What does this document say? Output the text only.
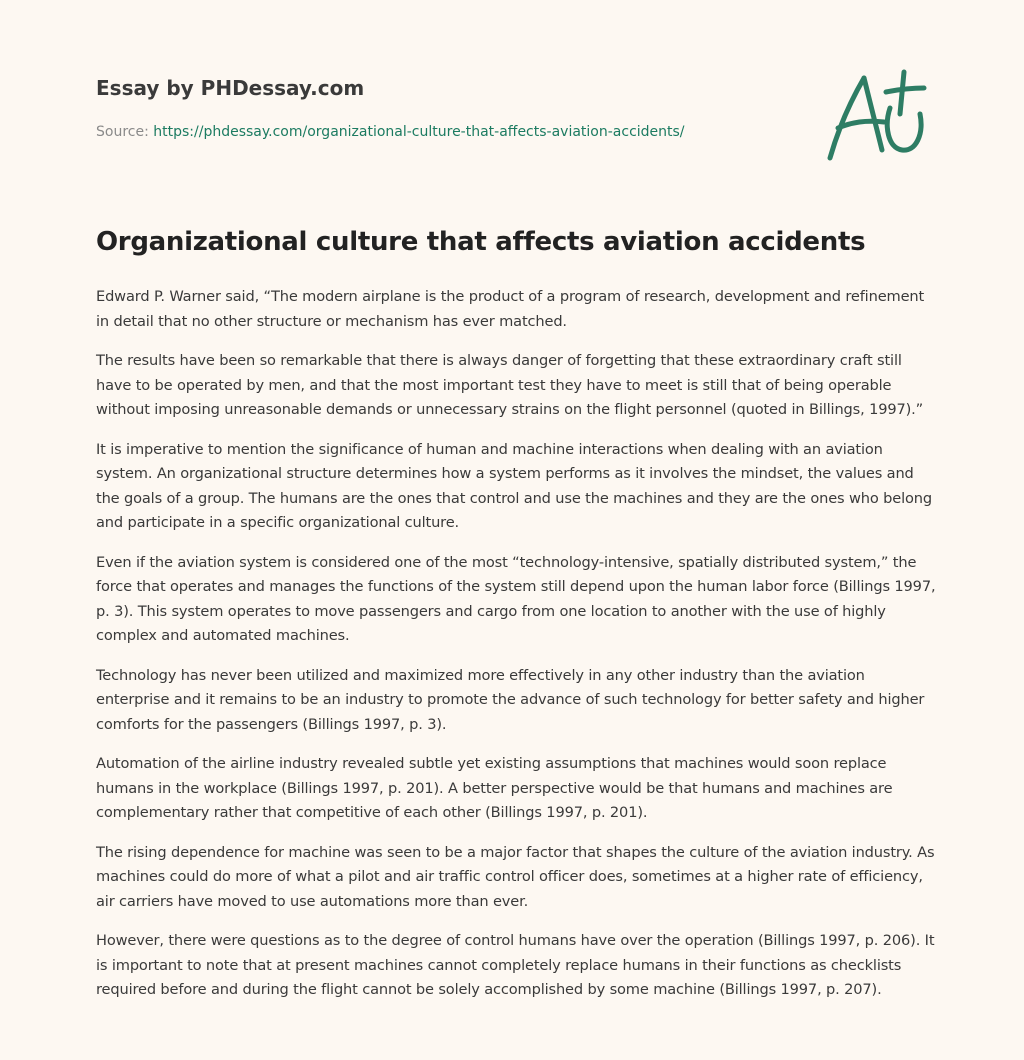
Essay by PHDessay.com
Source: https://phdessay.com/organizational-culture-that-affects-aviation-accidents/
Organizational culture that affects aviation accidents

Edward P. Warner said, “The modern airplane is the product of a program of research, development and refinement in detail that no other structure or mechanism has ever matched.

The results have been so remarkable that there is always danger of forgetting that these extraordinary craft still have to be operated by men, and that the most important test they have to meet is still that of being operable without imposing unreasonable demands or unnecessary strains on the flight personnel (quoted in Billings, 1997).”

It is imperative to mention the significance of human and machine interactions when dealing with an aviation system. An organizational structure determines how a system performs as it involves the mindset, the values and the goals of a group. The humans are the ones that control and use the machines and they are the ones who belong and participate in a specific organizational culture.

Even if the aviation system is considered one of the most “technology-intensive, spatially distributed system,” the force that operates and manages the functions of the system still depend upon the human labor force (Billings 1997, p. 3). This system operates to move passengers and cargo from one location to another with the use of highly complex and automated machines.

Technology has never been utilized and maximized more effectively in any other industry than the aviation enterprise and it remains to be an industry to promote the advance of such technology for better safety and higher comforts for the passengers (Billings 1997, p. 3).

Automation of the airline industry revealed subtle yet existing assumptions that machines would soon replace humans in the workplace (Billings 1997, p. 201). A better perspective would be that humans and machines are complementary rather that competitive of each other (Billings 1997, p. 201).

The rising dependence for machine was seen to be a major factor that shapes the culture of the aviation industry. As machines could do more of what a pilot and air traffic control officer does, sometimes at a higher rate of efficiency, air carriers have moved to use automations more than ever.

However, there were questions as to the degree of control humans have over the operation (Billings 1997, p. 206). It is important to note that at present machines cannot completely replace humans in their functions as checklists required before and during the flight cannot be solely accomplished by some machine (Billings 1997, p. 207).
